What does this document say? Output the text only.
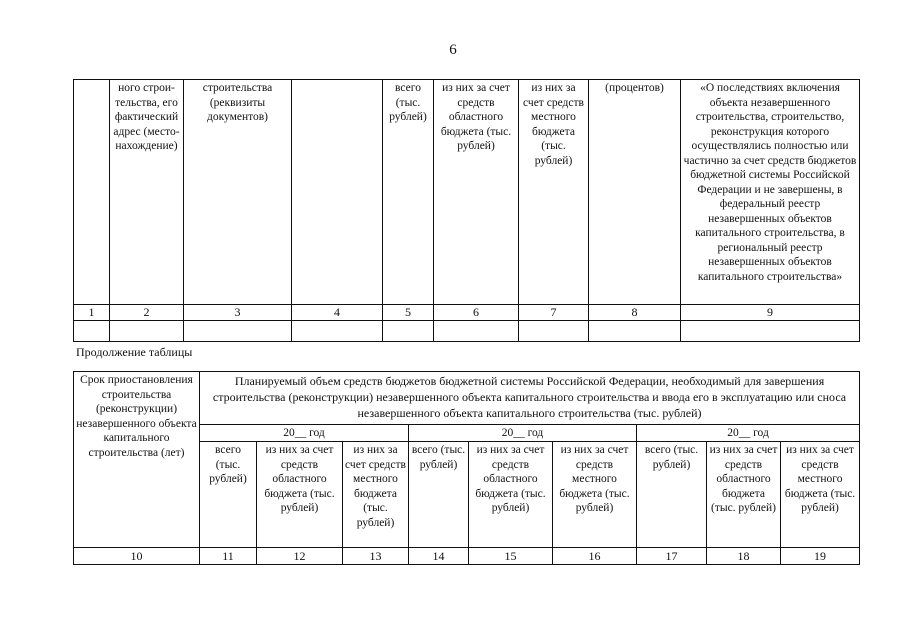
6
	ного строи-тельства, его фактический адрес (место-нахождение)	строительства (реквизиты документов)		всего (тыс. рублей)	из них за счет средств областного бюджета (тыс. рублей)	из них за счет средств местного бюджета (тыс. рублей)	(процентов)	«О последствиях включения объекта незавершенного строительства, строительство, реконструкция которого осуществлялись полностью или частично за счет средств бюджетов бюджетной системы Российской Федерации и не завершены, в федеральный реестр незавершенных объектов капитального строительства, в региональный реестр незавершенных объектов капитального строительства»
1	2	3	4	5	6	7	8	9

Продолжение таблицы
Срок приостановления строительства (реконструкции) незавершенного объекта капитального строительства (лет)	Планируемый объем средств бюджетов бюджетной системы Российской Федерации, необходимый для завершения строительства (реконструкции) незавершенного объекта капитального строительства и ввода его в эксплуатацию или сноса незавершенного объекта капитального строительства (тыс. рублей)								
	20__ год			20__ год			20__ год		
	всего (тыс. рублей)	из них за счет средств областного бюджета (тыс. рублей)	из них за счет средств местного бюджета (тыс. рублей)	всего (тыс. рублей)	из них за счет средств областного бюджета (тыс. рублей)	из них за счет средств местного бюджета (тыс. рублей)	всего (тыс. рублей)	из них за счет средств областного бюджета (тыс. рублей)	из них за счет средств местного бюджета (тыс. рублей)
10	11	12	13	14	15	16	17	18	19
